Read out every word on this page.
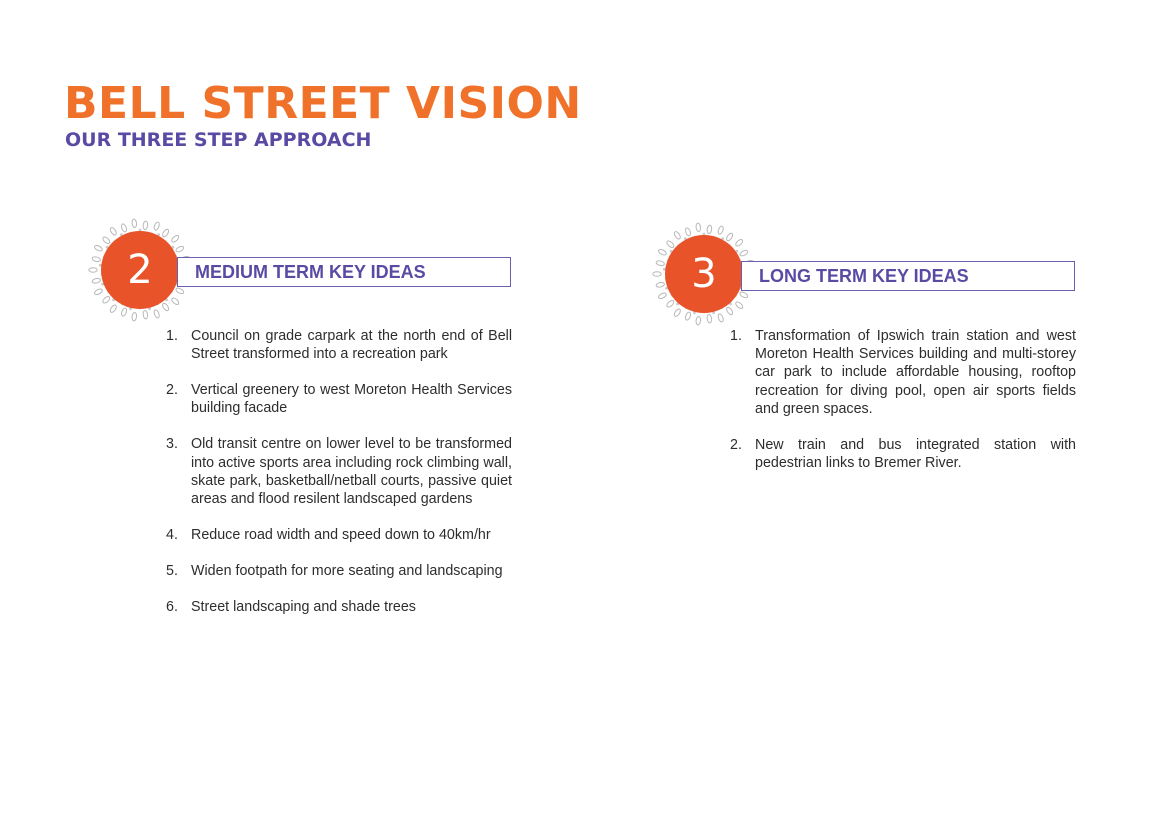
BELL STREET VISION
OUR THREE STEP APPROACH
2	MEDIUM TERM KEY IDEAS
1. Council on grade carpark at the north end of Bell Street transformed into a recreation park
2. Vertical greenery to west Moreton Health Services building facade
3. Old transit centre on lower level to be transformed into active sports area including rock climbing wall, skate park, basketball/netball courts, passive quiet areas and flood resilent landscaped gardens
4. Reduce road width and speed down to 40km/hr
5. Widen footpath for more seating and landscaping
6. Street landscaping and shade trees
3	LONG TERM KEY IDEAS
1. Transformation of Ipswich train station and west Moreton Health Services building and multi-storey car park to include affordable housing, rooftop recreation for diving pool, open air sports fields and green spaces.
2. New train and bus integrated station with pedestrian links to Bremer River.
